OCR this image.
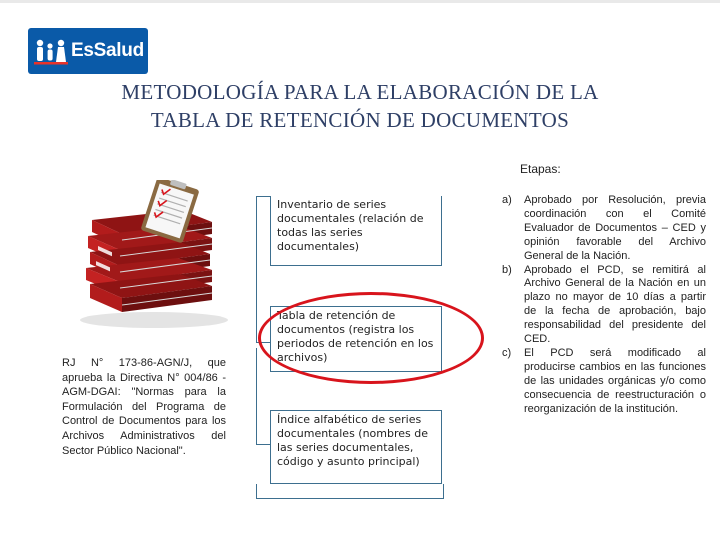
EsSalud
METODOLOGÍA PARA LA ELABORACIÓN DE LA
TABLA DE RETENCIÓN DE DOCUMENTOS
RJ N° 173-86-AGN/J, que aprueba la Directiva N° 004/86 -AGM-DGAI: "Normas para la Formulación del Programa de Control de Documentos para los Archivos Administrativos del Sector Público Nacional".
Inventario de series documentales (relación de todas las series documentales)
Tabla de retención de documentos (registra los periodos de retención en los archivos)
Índice alfabético de series documentales (nombres de las series documentales, código y asunto principal)
Etapas:
a)	Aprobado por Resolución, previa coordinación con el Comité Evaluador de Documentos – CED y opinión favorable del Archivo General de la Nación.
b)	Aprobado el PCD, se remitirá al Archivo General de la Nación en un plazo no mayor de 10 días a partir de la fecha de aprobación, bajo responsabilidad del presidente del CED.
c)	El PCD será modificado al producirse cambios en las funciones de las unidades orgánicas y/o como consecuencia de reestructuración o reorganización de la institución.
